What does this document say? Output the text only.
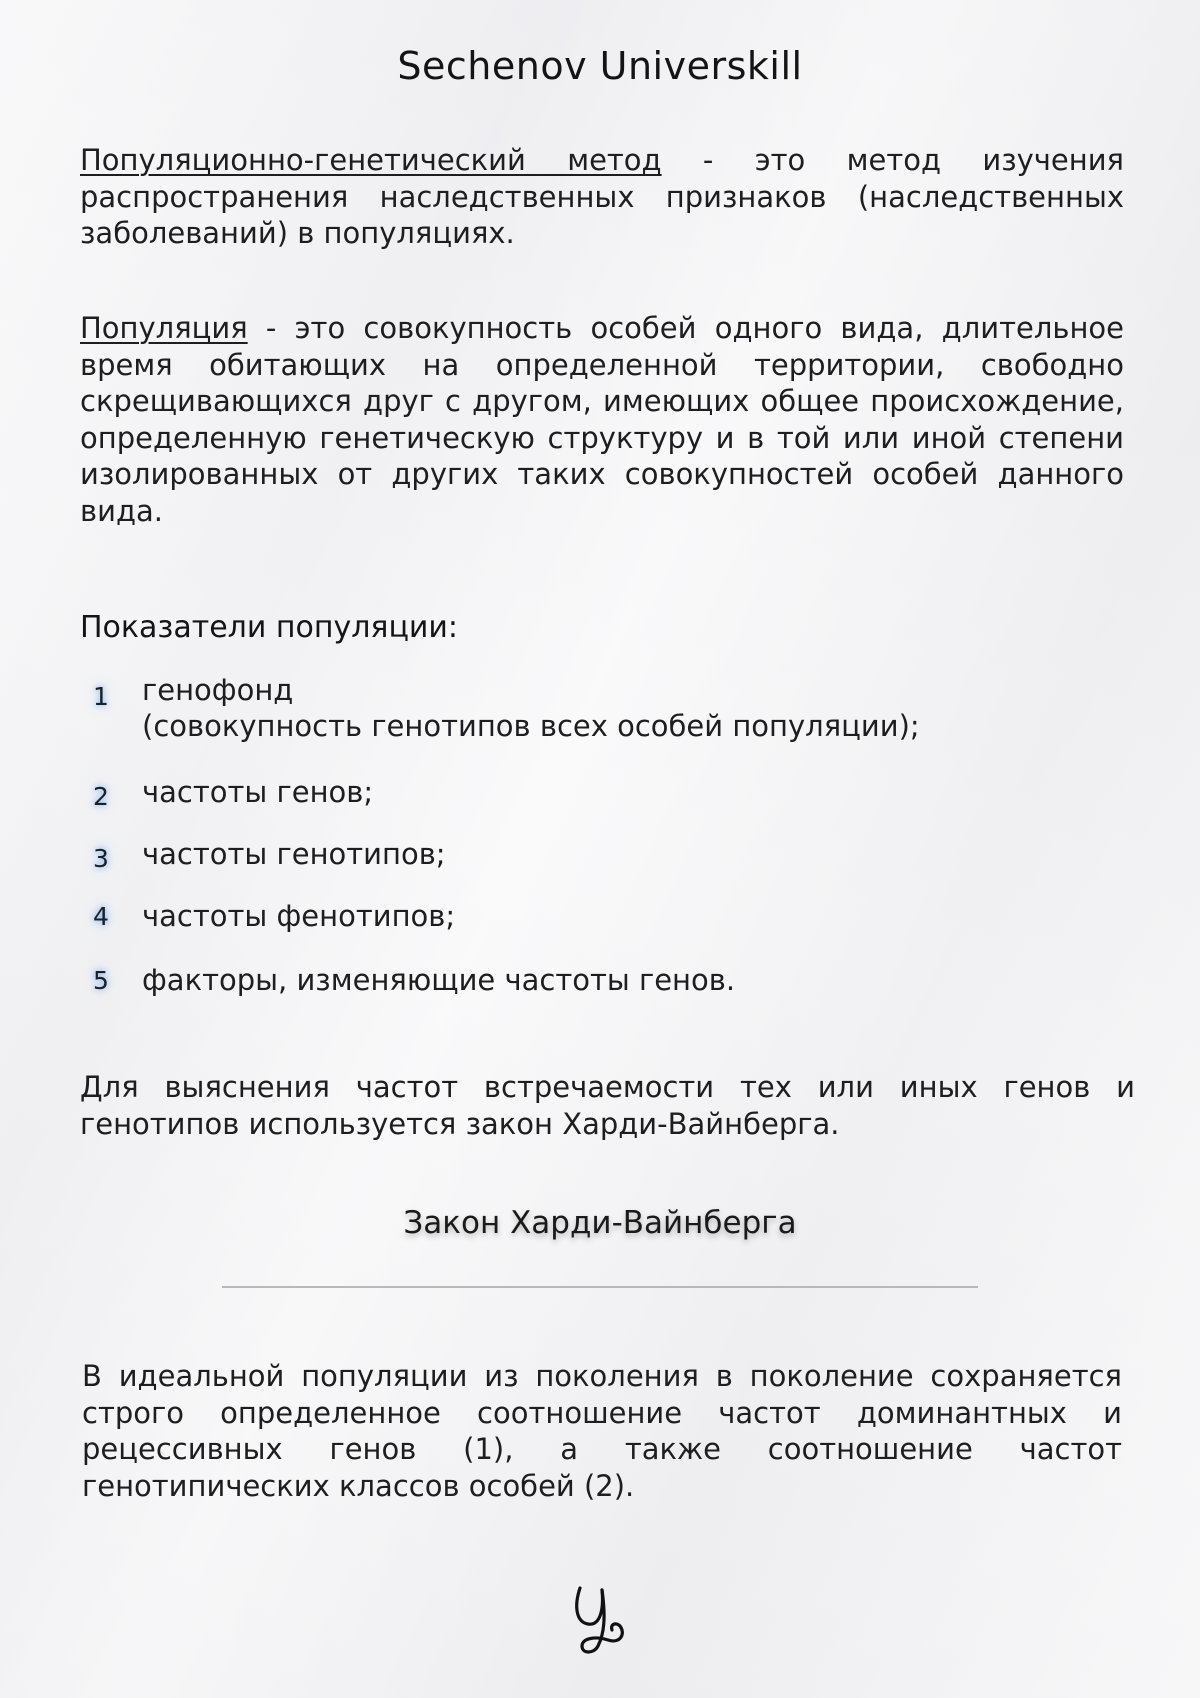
Sechenov Universkill

Популяционно-генетический метод - это метод изучения распространения наследственных признаков (наследственных заболеваний) в популяциях.

Популяция - это совокупность особей одного вида, длительное время обитающих на определенной территории, свободно скрещивающихся друг с другом, имеющих общее происхождение, определенную генетическую структуру и в той или иной степени изолированных от других таких совокупностей особей данного вида.

Показатели популяции:
1 генофонд
(совокупность генотипов всех особей популяции);
2 частоты генов;
3 частоты генотипов;
4 частоты фенотипов;
5 факторы, изменяющие частоты генов.

Для выяснения частот встречаемости тех или иных генов и генотипов используется закон Харди-Вайнберга.

Закон Харди-Вайнберга

В идеальной популяции из поколения в поколение сохраняется строго определенное соотношение частот доминантных и рецессивных генов (1), а также соотношение частот генотипических классов особей (2).
